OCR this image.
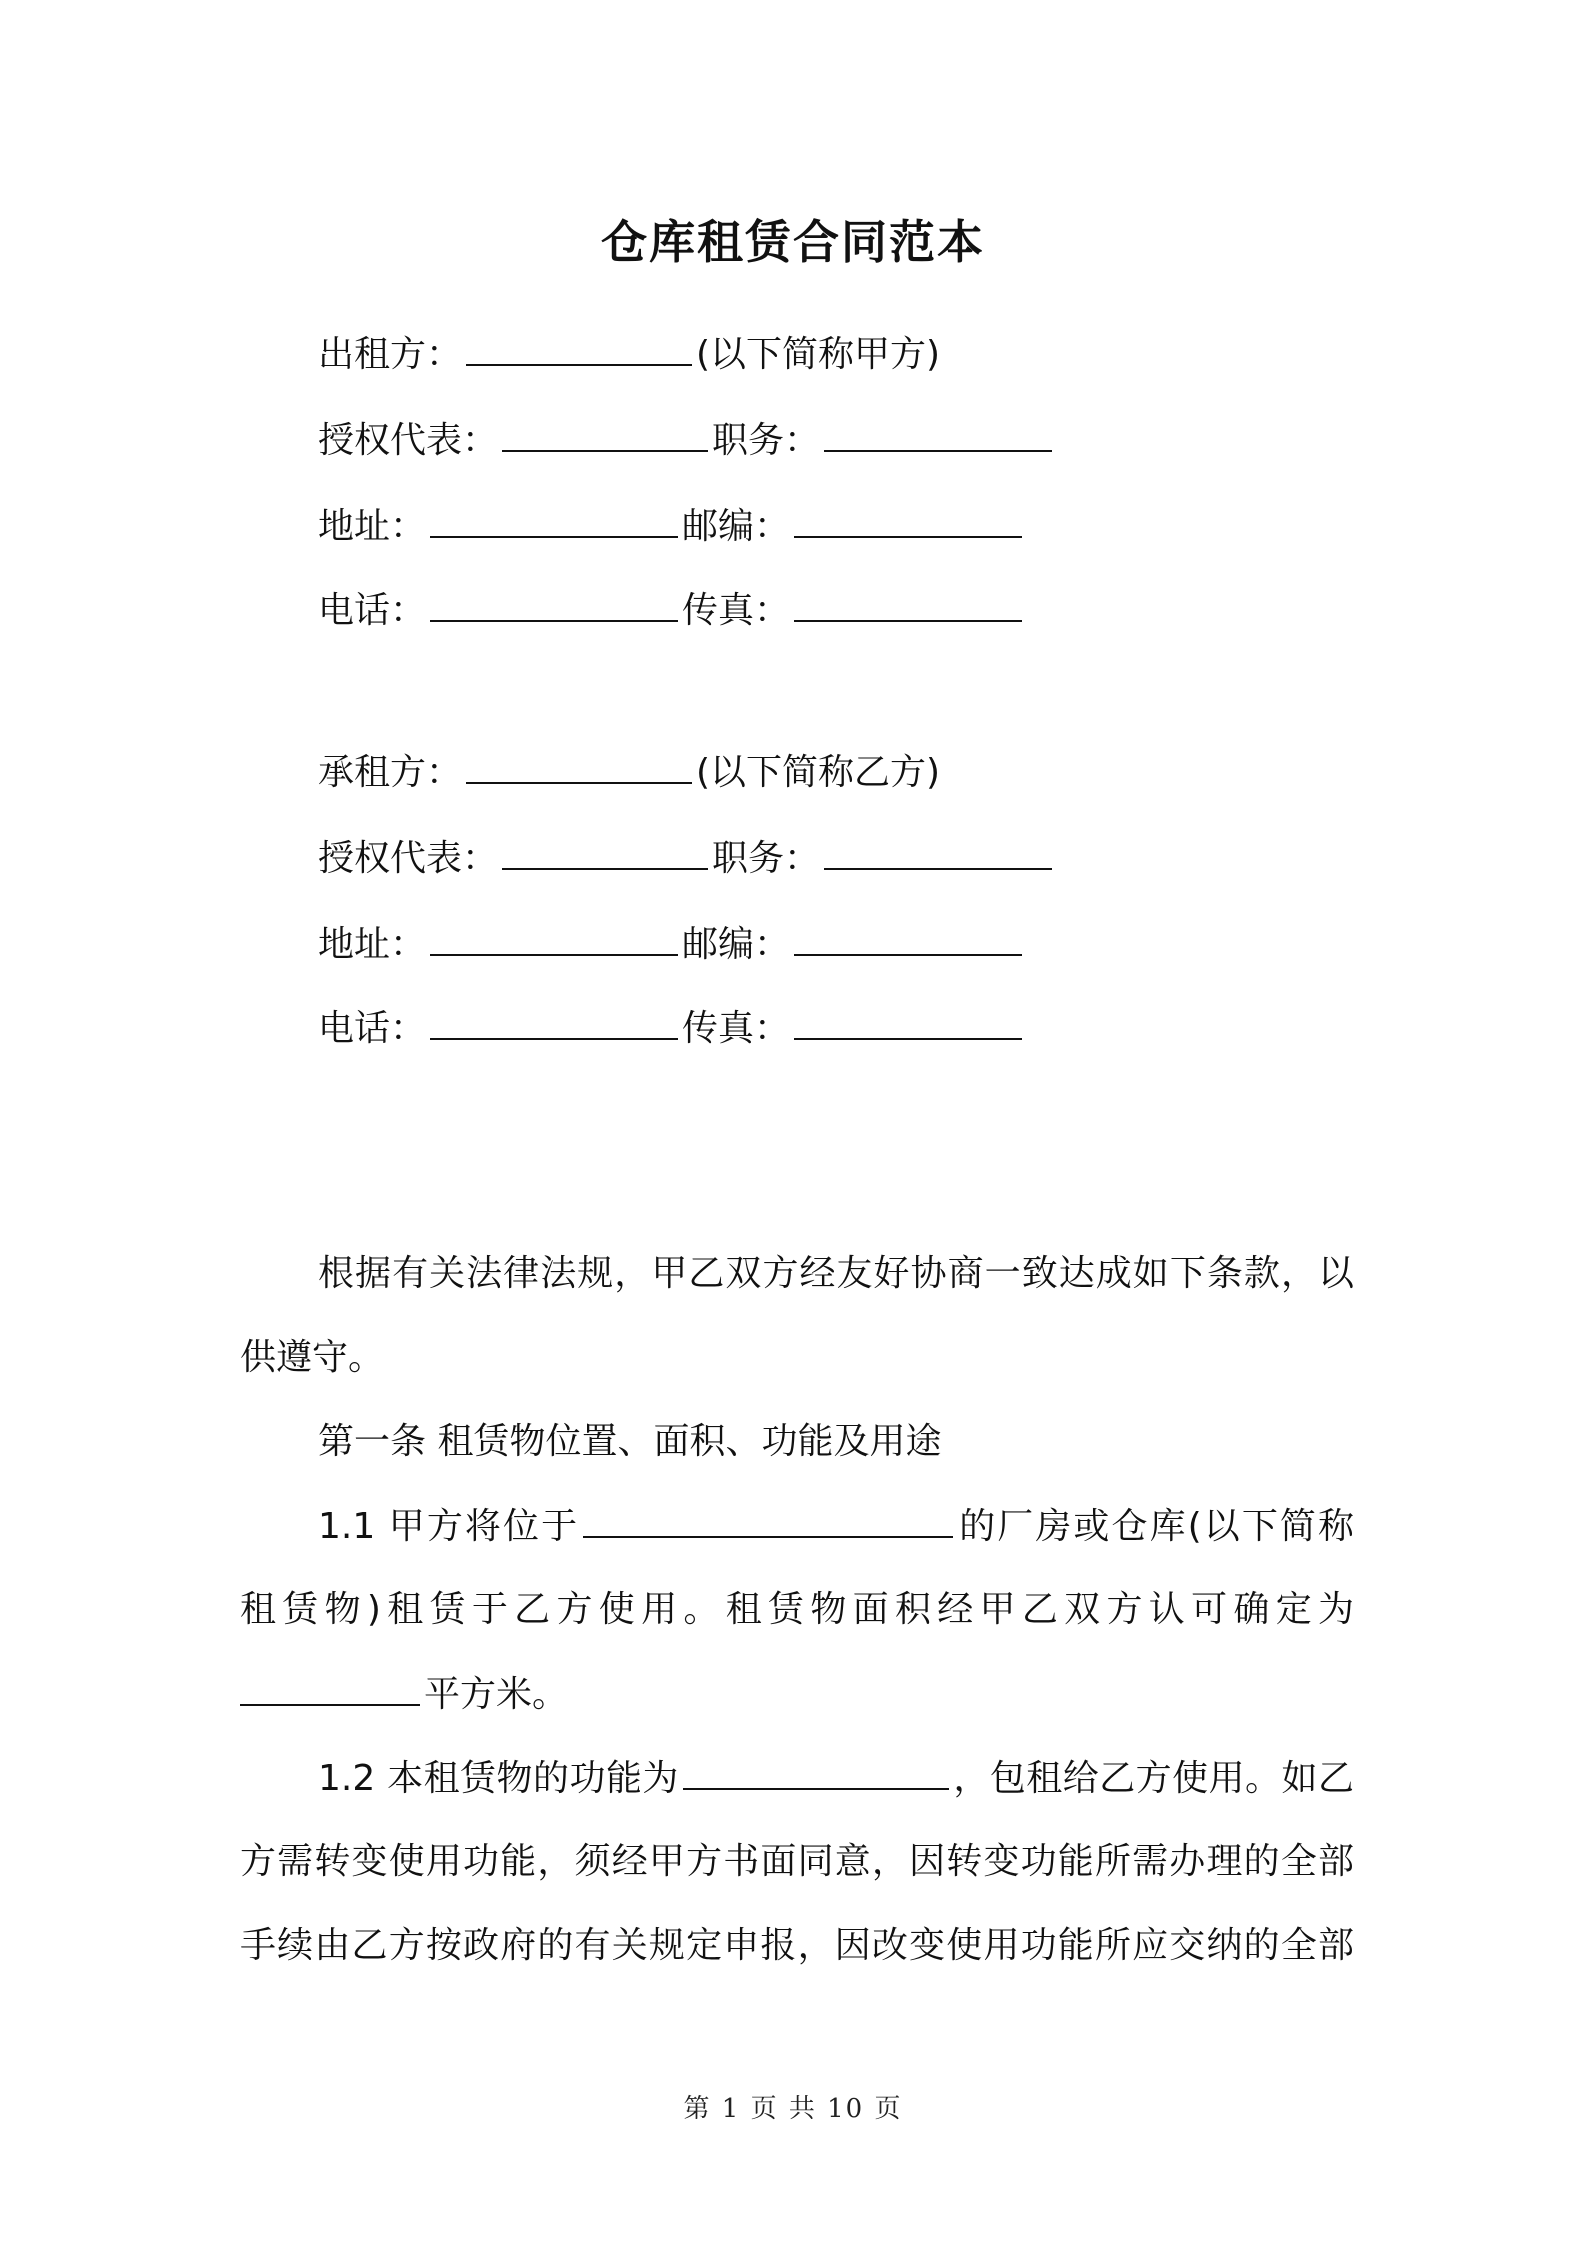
仓库租赁合同范本
出租方：	(以下简称甲方)
授权代表：	职务：
地址：	邮编：
电话：	传真：
承租方：	(以下简称乙方)
授权代表：	职务：
地址：	邮编：
电话：	传真：
根据有关法律法规，甲乙双方经友好协商一致达成如下条款，以
供遵守。
第一条 租赁物位置、面积、功能及用途
1.1 甲方将位于	的厂房或仓库(以下简称
租赁物)租赁于乙方使用。租赁物面积经甲乙双方认可确定为
平方米。
1.2 本租赁物的功能为	，包租给乙方使用。如乙
方需转变使用功能，须经甲方书面同意，因转变功能所需办理的全部
手续由乙方按政府的有关规定申报，因改变使用功能所应交纳的全部
第 1 页 共 10 页
